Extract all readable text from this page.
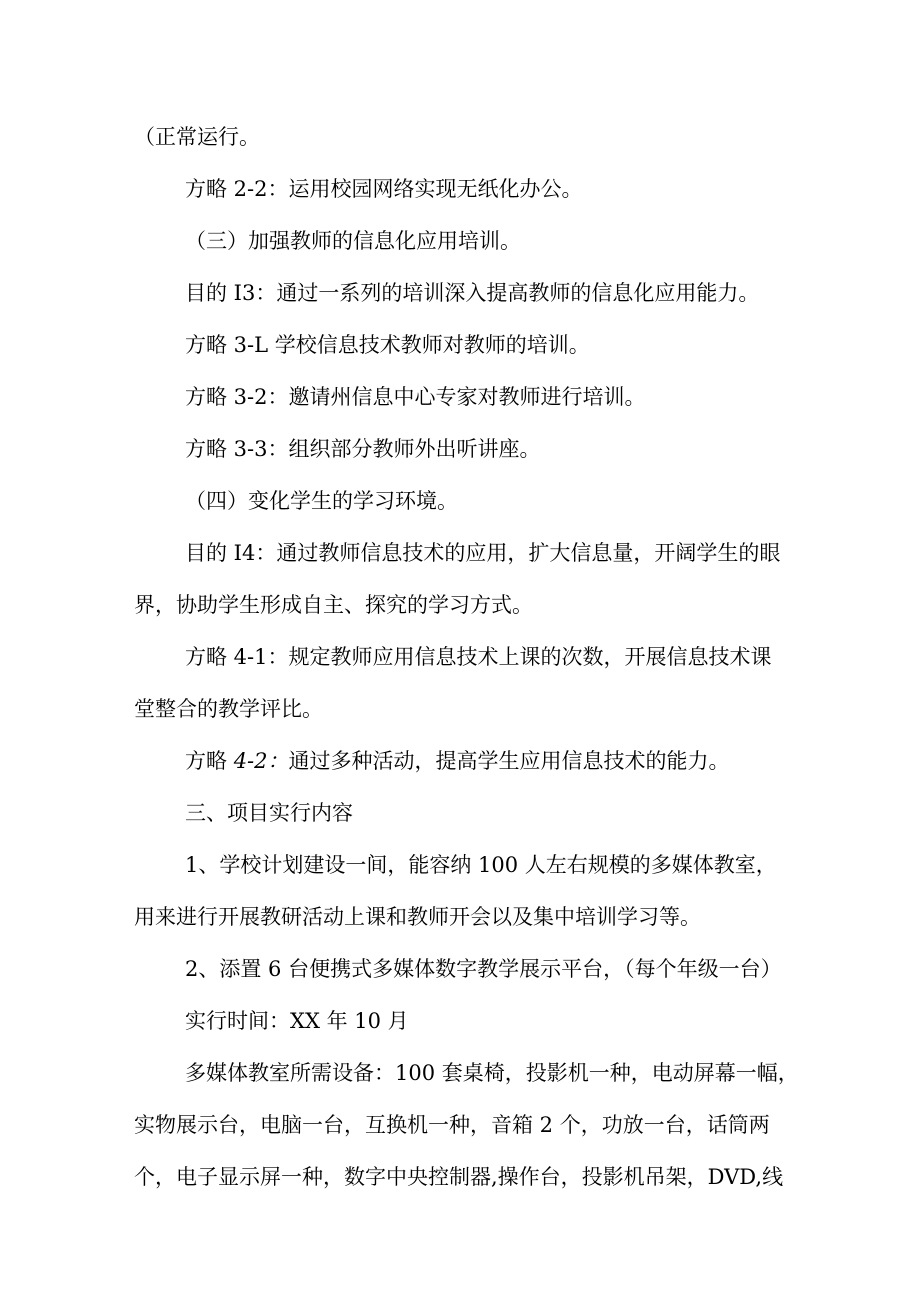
（正常运行。
方略 2-2：运用校园网络实现无纸化办公。
（三）加强教师的信息化应用培训。
目的 I3：通过一系列的培训深入提高教师的信息化应用能力。
方略 3-L 学校信息技术教师对教师的培训。
方略 3-2：邀请州信息中心专家对教师进行培训。
方略 3-3：组织部分教师外出听讲座。
（四）变化学生的学习环境。
目的 I4：通过教师信息技术的应用，扩大信息量，开阔学生的眼
界，协助学生形成自主、探究的学习方式。
方略 4-1：规定教师应用信息技术上课的次数，开展信息技术课
堂整合的教学评比。
方略 4-2：通过多种活动，提高学生应用信息技术的能力。
三、项目实行内容
1、学校计划建设一间，能容纳 100 人左右规模的多媒体教室，
用来进行开展教研活动上课和教师开会以及集中培训学习等。
2、添置 6 台便携式多媒体数字教学展示平台，（每个年级一台）
实行时间：XX 年 10 月
多媒体教室所需设备：100 套桌椅，投影机一种，电动屏幕一幅，
实物展示台，电脑一台，互换机一种，音箱 2 个，功放一台，话筒两
个，电子显示屏一种，数字中央控制器,操作台，投影机吊架，DVD,线
